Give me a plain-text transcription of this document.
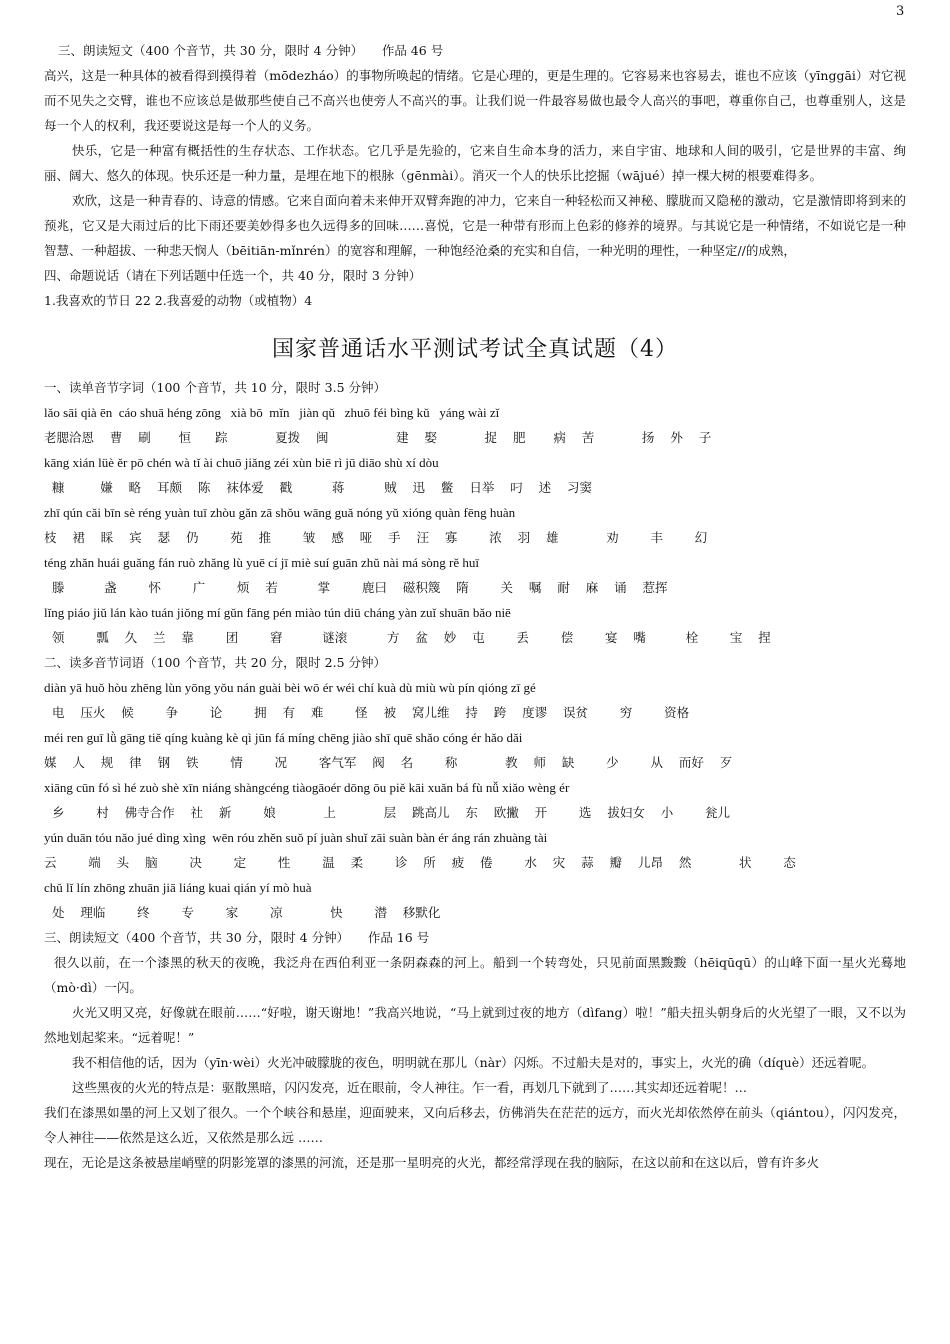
3

三、朗读短文（400 个音节，共 30 分，限时 4 分钟）　　作品 46 号

高兴，这是一种具体的被看得到摸得着（mōdezháo）的事物所唤起的情绪。它是心理的，更是生理的。它容易来也容易去，谁也不应该（yīnggāi）对它视而不见失之交臂，谁也不应该总是做那些使自己不高兴也使旁人不高兴的事。让我们说一件最容易做也最令人高兴的事吧，尊重你自己，也尊重别人，这是每一个人的权利，我还要说这是每一个人的义务。

快乐，它是一种富有概括性的生存状态、工作状态。它几乎是先验的，它来自生命本身的活力，来自宇宙、地球和人间的吸引，它是世界的丰富、绚丽、阔大、悠久的体现。快乐还是一种力量，是埋在地下的根脉（gēnmài）。消灭一个人的快乐比挖掘（wājué）掉一棵大树的根要难得多。

欢欣，这是一种青春的、诗意的情感。它来自面向着未来伸开双臂奔跑的冲力，它来自一种轻松而又神秘、朦胧而又隐秘的激动，它是激情即将到来的预兆，它又是大雨过后的比下雨还要美妙得多也久远得多的回味……喜悦，它是一种带有形而上色彩的修养的境界。与其说它是一种情绪，不如说它是一种智慧、一种超拔、一种悲天悯人（bēitiān-mǐnrén）的宽容和理解，一种饱经沧桑的充实和自信，一种光明的理性，一种坚定//的成熟，

四、命题说话（请在下列话题中任选一个，共 40 分，限时 3 分钟）

1.我喜欢的节日 22 2.我喜爱的动物（或植物）4

国家普通话水平测试考试全真试题（4）

一、读单音节字词（100 个音节，共 10 分，限时 3.5 分钟）

lǎo sāi qià ēn  cáo shuā héng zōng   xià bō  mǐn   jiàn qǔ   zhuō féi bìng kǔ   yáng wài zǐ

老腮洽恩    曹    刷       恒      踪            夏拨    闽                 建    娶            捉    肥       病    苦            扬    外    子

kāng xián lüè ěr pō chén wà tǐ ài chuō jiǎng zéi xùn biē rì jū diāo shù xí dòu

糠         嫌    略    耳颇    陈    袜体爱    戳          蒋          贼    迅    鳖    日举    叼    述    习窦

zhī qún cǎi bīn sè réng yuàn tuī zhòu gǎn zā shǒu wāng guǎ nóng yǔ xióng quàn fēng huàn

枝    裙    睬    宾    瑟    仍        苑    推        皱    感    哑    手    汪    寡        浓    羽    雄            劝        丰        幻

téng zhǎn huái guǎng fán ruò zhǎng lù yuē cí jī miè suí guān zhǔ nài má sòng rě huī

滕          盏        怀        广        烦    若          掌        鹿曰    磁积篾    隋        关    嘱    耐    麻    诵    惹挥

lǐng piáo jiǔ lán kào tuán jiǒng mí gǔn fāng pén miào tún diū cháng yàn zuǐ shuān bǎo niē

领        瓢    久    兰    靠        团        窘          谜滚          方    盆    妙    屯        丢        偿        宴    嘴          栓        宝    捏

二、读多音节词语（100 个音节，共 20 分，限时 2.5 分钟）

diàn yā huǒ hòu zhēng lùn yōng yǒu nán guài bèi wō ér wéi chí kuà dù miù wù pín qióng zī gé

电    压火    候        争        论        拥    有    难        怪    被    窝儿维    持    跨    度谬    误贫        穷        资格

méi ren guī lǜ gāng tiě qíng kuàng kè qì jūn fá míng chēng jiào shī quē shǎo cóng ér hǎo dǎi

媒    人    规    律    钢    铁        情        况        客气军    阀    名        称            教    师    缺        少        从    而好    歹

xiāng cūn fó sì hé zuò shè xīn niáng shàngcéng tiàogāoér dōng ōu piě kāi xuǎn bá fù nǚ xiǎo wèng ér

乡        村    佛寺合作    社    新        娘            上            层    跳高儿    东    欧撇    开        选    拔妇女    小        瓮儿

yún duān tóu nǎo jué dìng xìng  wēn róu zhěn suǒ pí juàn shuǐ zāi suàn bàn ér áng rán zhuàng tài

云        端    头    脑        决        定        性        温    柔        诊    所    疲    倦        水    灾    蒜    瓣    儿昂    然            状        态

chǔ lǐ lín zhōng zhuān jiā liáng kuai qián yí mò huà

处    理临        终        专        家        凉            快        潜    移默化

三、朗读短文（400 个音节，共 30 分，限时 4 分钟）　　作品 16 号

很久以前，在一个漆黑的秋天的夜晚，我泛舟在西伯利亚一条阴森森的河上。船到一个转弯处，只见前面黑黢黢（hēiqūqū）的山峰下面一星火光蓦地（mò·dì）一闪。

火光又明又亮，好像就在眼前……“好啦，谢天谢地！”我高兴地说，“马上就到过夜的地方（dìfang）啦！”船夫扭头朝身后的火光望了一眼，又不以为然地划起桨来。“远着呢！”

我不相信他的话，因为（yīn·wèi）火光冲破朦胧的夜色，明明就在那儿（nàr）闪烁。不过船夫是对的，事实上，火光的确（díquè）还远着呢。

这些黑夜的火光的特点是：驱散黑暗，闪闪发亮，近在眼前，令人神往。乍一看，再划几下就到了……其实却还远着呢！…

我们在漆黑如墨的河上又划了很久。一个个峡谷和悬崖，迎面驶来，又向后移去，仿佛消失在茫茫的远方，而火光却依然停在前头（qiántou），闪闪发亮，令人神往——依然是这么近，又依然是那么远 ……

现在，无论是这条被悬崖峭壁的阴影笼罩的漆黑的河流，还是那一星明亮的火光，都经常浮现在我的脑际，在这以前和在这以后，曾有许多火
